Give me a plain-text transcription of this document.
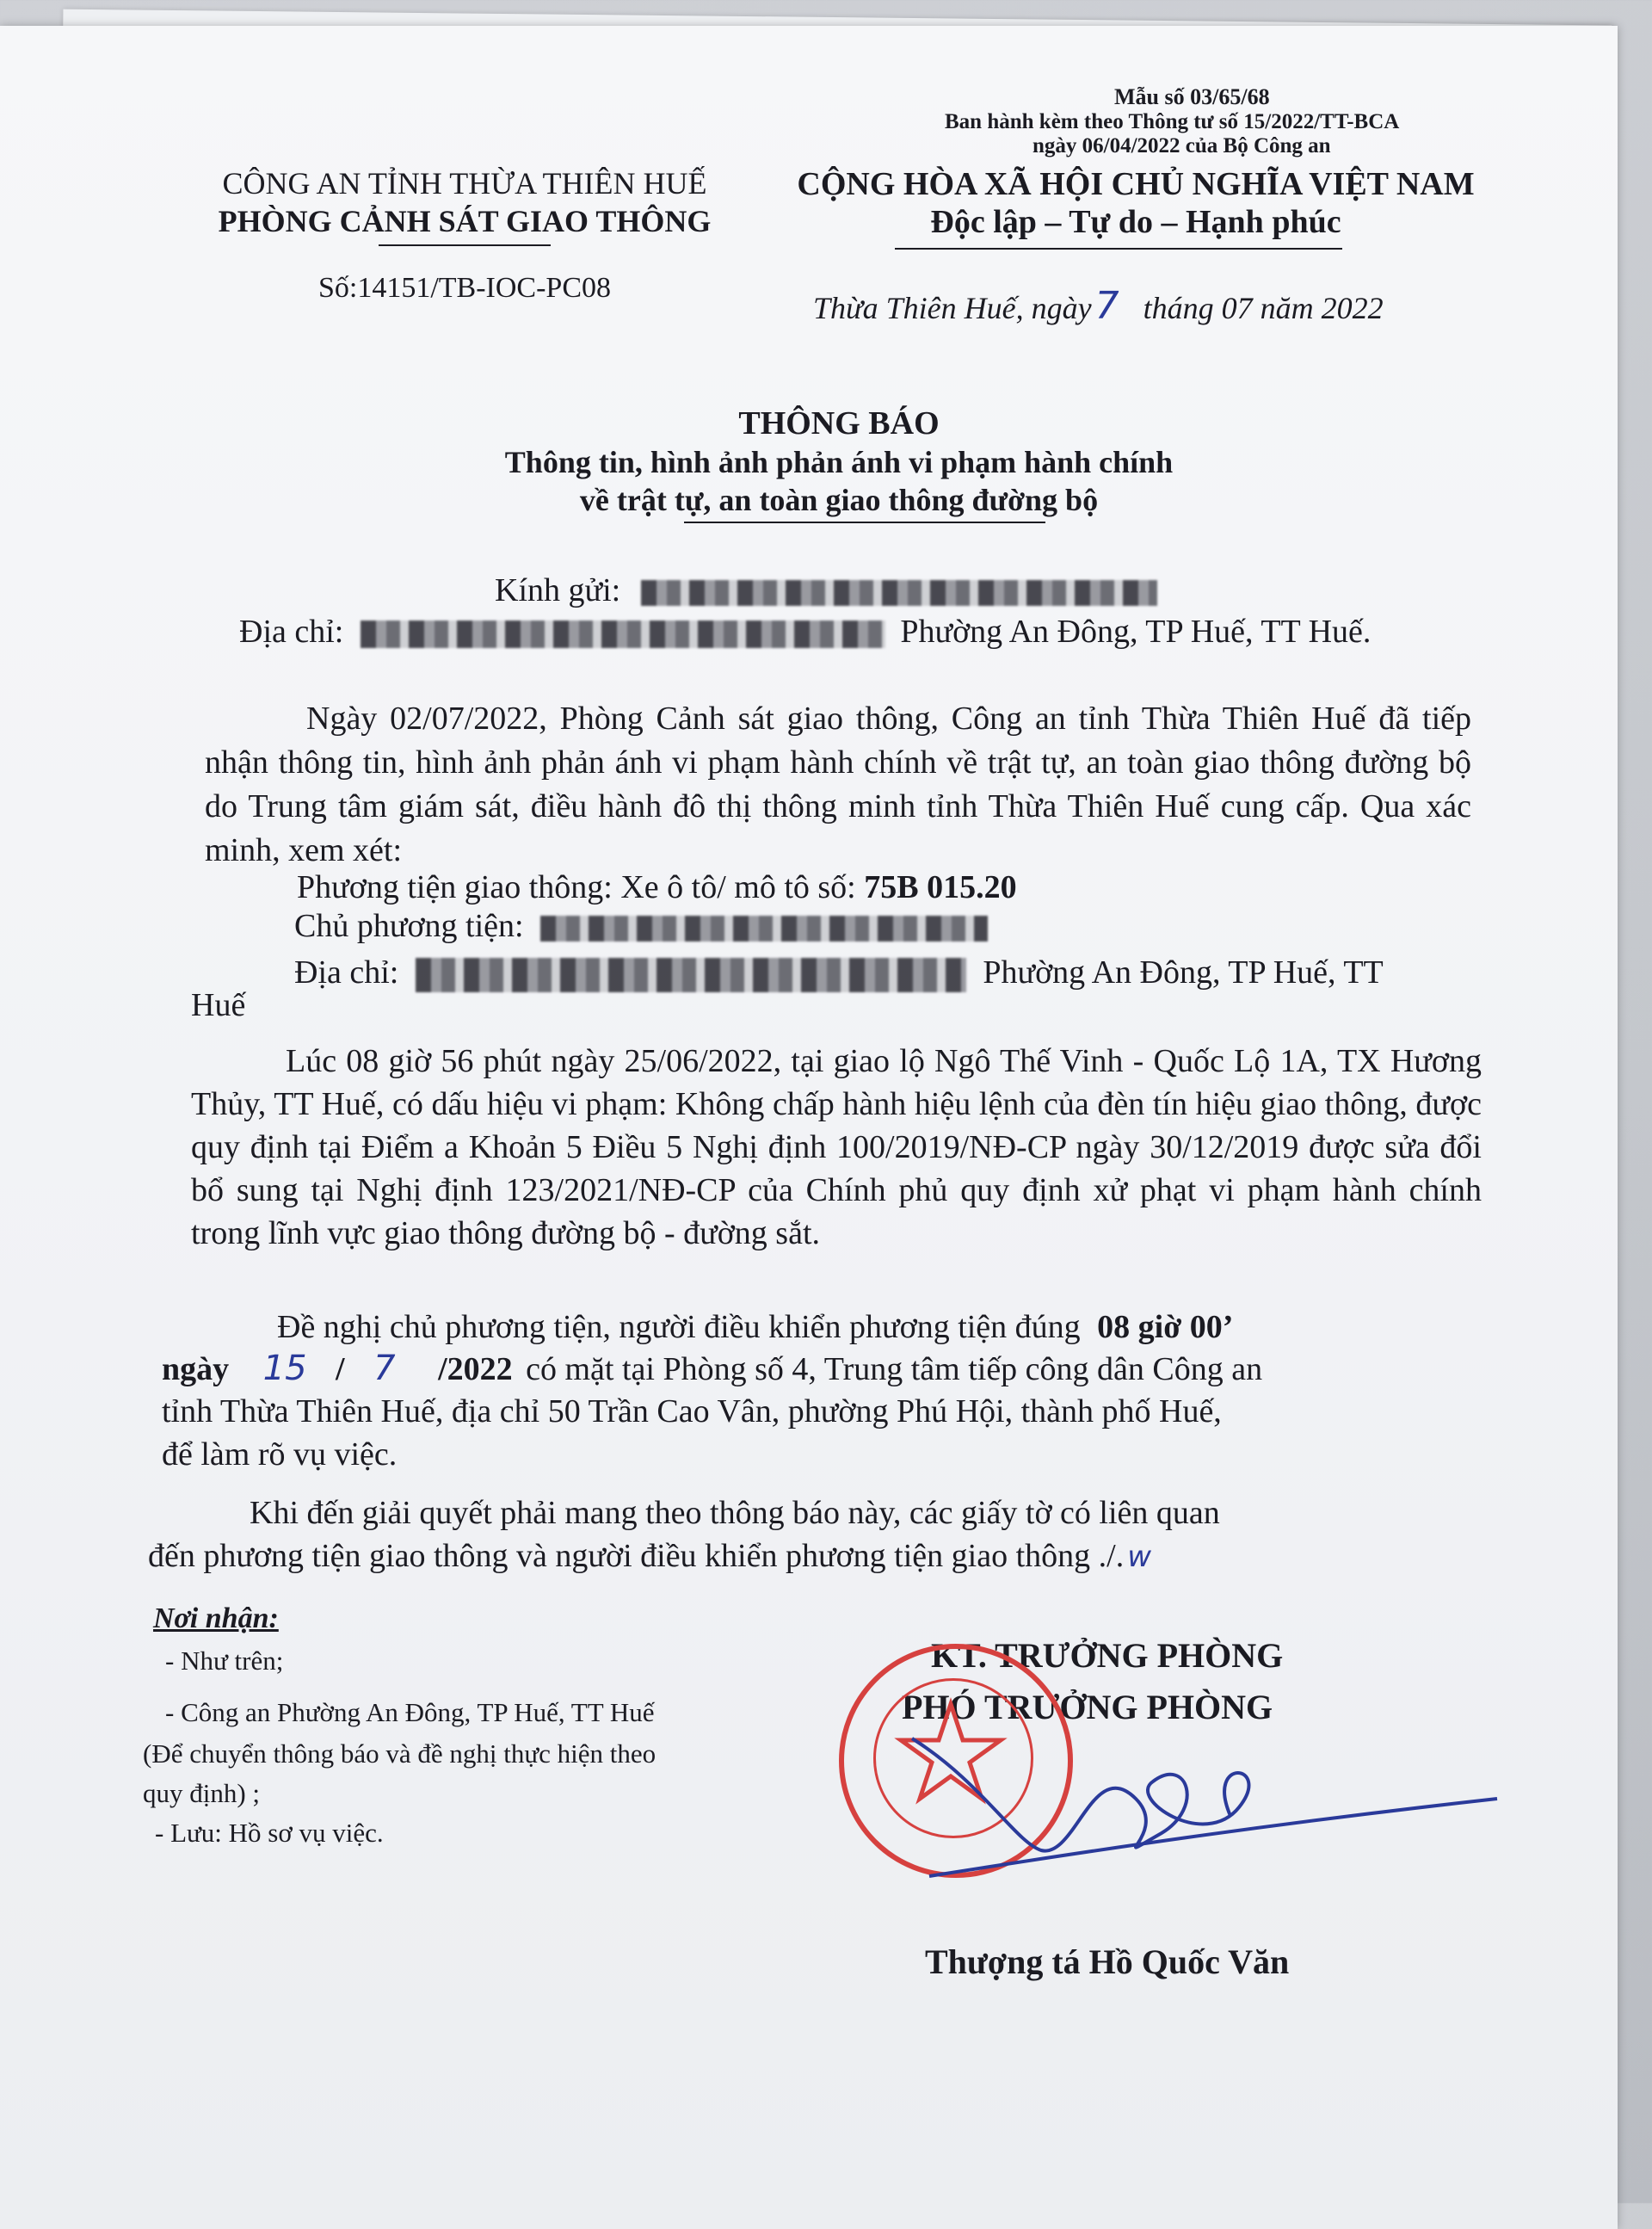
Mẫu số 03/65/68
Ban hành kèm theo Thông tư số 15/2022/TT-BCA
ngày 06/04/2022 của Bộ Công an
CÔNG AN TỈNH THỪA THIÊN HUẾ
PHÒNG CẢNH SÁT GIAO THÔNG
Số:14151/TB-IOC-PC08
CỘNG HÒA XÃ HỘI CHỦ NGHĨA VIỆT NAM
Độc lập – Tự do – Hạnh phúc
Thừa Thiên Huế, ngày7 tháng 07 năm 2022
THÔNG BÁO
Thông tin, hình ảnh phản ánh vi phạm hành chính
về trật tự, an toàn giao thông đường bộ
Kính gửi:
Địa chỉ:	Phường An Đông, TP Huế, TT Huế.
Ngày 02/07/2022, Phòng Cảnh sát giao thông, Công an tỉnh Thừa Thiên Huế đã tiếp nhận thông tin, hình ảnh phản ánh vi phạm hành chính về trật tự, an toàn giao thông đường bộ do Trung tâm giám sát, điều hành đô thị thông minh tỉnh Thừa Thiên Huế cung cấp. Qua xác minh, xem xét:
Phương tiện giao thông: Xe ô tô/ mô tô số: 75B 015.20
Chủ phương tiện:
Địa chỉ:	Phường An Đông, TP Huế, TT
Huế
Lúc 08 giờ 56 phút ngày 25/06/2022, tại giao lộ Ngô Thế Vinh - Quốc Lộ 1A, TX Hương Thủy, TT Huế, có dấu hiệu vi phạm: Không chấp hành hiệu lệnh của đèn tín hiệu giao thông, được quy định tại Điểm a Khoản 5 Điều 5 Nghị định 100/2019/NĐ-CP ngày 30/12/2019 được sửa đổi bổ sung tại Nghị định 123/2021/NĐ-CP của Chính phủ quy định xử phạt vi phạm hành chính trong lĩnh vực giao thông đường bộ - đường sắt.
Đề nghị chủ phương tiện, người điều khiển phương tiện đúng 08 giờ 00’
ngày 15 / 7 /2022 có mặt tại Phòng số 4, Trung tâm tiếp công dân Công an
tỉnh Thừa Thiên Huế, địa chỉ 50 Trần Cao Vân, phường Phú Hội, thành phố Huế,
để làm rõ vụ việc.
Khi đến giải quyết phải mang theo thông báo này, các giấy tờ có liên quan
đến phương tiện giao thông và người điều khiển phương tiện giao thông ./. w
Nơi nhận:
- Như trên;
- Công an Phường An Đông, TP Huế, TT Huế
(Để chuyển thông báo và đề nghị thực hiện theo
quy định) ;
- Lưu: Hồ sơ vụ việc.
KT. TRƯỞNG PHÒNG
PHÓ TRƯỞNG PHÒNG
Thượng tá Hồ Quốc Văn
